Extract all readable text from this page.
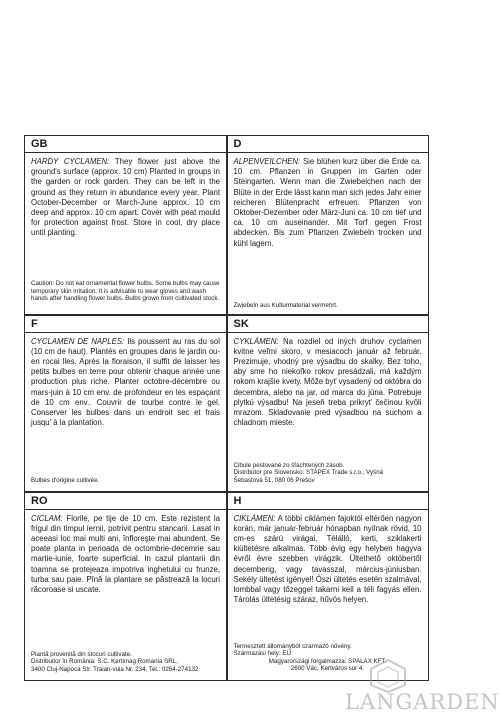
GB
HARDY CYCLAMEN: They flower just above the ground's surface (approx. 10 cm) Planted in groups in the garden or rock garden. They can be left in the ground as they return in abundance every year. Plant October-December or March-June approx. 10 cm deep and approx. 10 cm apart. Cover with peat mould for protection against frost. Store in cool, dry place until planting.
Caution: Do not eat ornamental flower bulbs. Some bulbs may cause temporary skin irritation. It is advisable to wear gloves and wash hands after handling flower bulbs. Bulbs grown from cultivated stock.
D
ALPENVEILCHEN: Sie blühen kurz über die Erde ca. 10 cm. Pflanzen in Gruppen im Garten oder Steingarten. Wenn man die Zwiebelchen nach der Blüte in der Erde lässt kann man sich jedes Jahr einer reicheren Blütenpracht erfreuen. Pflanzen von Oktober-Dezember oder März-Juni ca. 10 cm tief und ca. 10 cm auseinander. Mit Torf gegen Frost abdecken. Bis zum Pflanzen Zwiebeln trocken und kühl lagern.
Zwiebeln aus Kulturmaterial vermehrt.
F
CYCLAMEN DE NAPLES: Ils poussent au ras du sol (10 cm de haut). Plantés en groupes dans le jardin ou- en rocai lles. Après la floraison, il suffit de laisser les petits bulbes en terre pour obtenir chaque année une production plus riche. Planter octobre-décembre ou mars-juin à 10 cm env. de profondeur en les espaçant de 10 cm env.. Couvrir de tourbe contre le gel. Conserver les bulbes dans un endroit sec et frais jusqu' à la plantation.
Bulbes d'origine cultivée.
SK
CYKLÁMEN: Na rozdiel od iných druhov cyclamen kvitne veľmi skoro, v mesiacoch január až február. Prezimuje, vhodný pre výsadbu do skalky. Bez toho, aby sme ho niekoľko rokov presádzali, má každým rokom krajšie kvety. Môže byť vysadený od októbra do decembra, alebo na jar, od marca do júna. Potrebuje plytkú výsadbu! Na jeseň treba prikryť čečinou kvôli mrazom. Skladovanie pred výsadbou na suchom a chladnom mieste.
Cibule pestované zo šľachtených zásob.
Distribútor pre Slovensko: STAPEX Trade s.r.o., Vyšná
Šebastová 51, 080 06 Prešov
RO
CICLAM: Florile, pe tije de 10 cm. Este rezistent la frigul din timpul iernii, potrivit pentru stancarii. Lasat in aceeasi loc mai multi ani, înfloreşte mai abundent. Se poate planta in perioada de octombrie-decemrie sau martie-iunie, foarte superficial. In cazul plantarii din toamna se protejeaza impotriva inghetului cu frunze, turba sau paie. Pînă la plantare se păstrează la locuri răcoroase si uscate.
Plantă provenită din stocuri cultivate.
Distribuitor în România: S.C. Kertimag Romania SRL,
3400 Cluj-Napoca Str. Traian-vuia Nr. 234. Tel.: 0264-274132
H
CIKLÁMEN: A többi ciklámen fajoktól eltérően nagyon korán, már január-február hónapban nyílnak rövid, 10 cm-es szárú virágai. Télálló, kerti, sziklakerti kiültetésre alkalmas. Több évig egy helyben hagyva évről évre szebben virágzik. Ültethető októbertől decemberig, vagy tavasszal, március-júniusban. Sekély ültetést igényel! Őszi ültetés esetén szalmával, lombbal vagy tőzeggel takarni kell a téli fagyás ellen. Tárolás ültetésig száraz, hűvös helyen.
Termesztett állományból származó növény.
Származási hely: EU
Magyarországi forgalmazza: SPALAX KFT.
2600 Vác, Kertváros sor 4.
LANGARDEN
